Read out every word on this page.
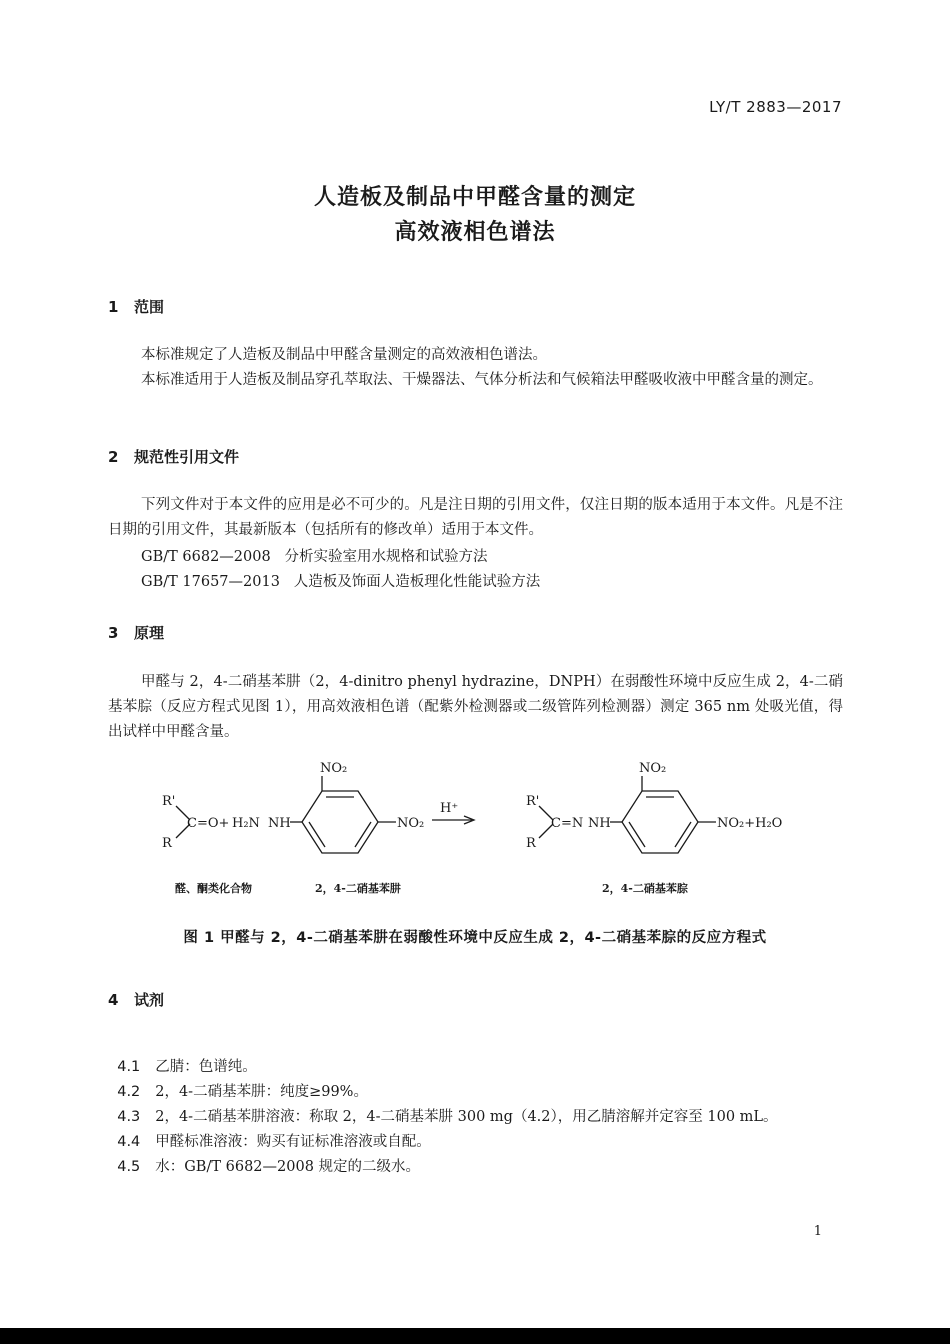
LY/T 2883—2017
人造板及制品中甲醛含量的测定
高效液相色谱法
1 范围
本标准规定了人造板及制品中甲醛含量测定的高效液相色谱法。
本标准适用于人造板及制品穿孔萃取法、干燥器法、气体分析法和气候箱法甲醛吸收液中甲醛含量的测定。
2 规范性引用文件
下列文件对于本文件的应用是必不可少的。凡是注日期的引用文件，仅注日期的版本适用于本文件。凡是不注日期的引用文件，其最新版本（包括所有的修改单）适用于本文件。
GB/T 6682—2008   分析实验室用水规格和试验方法
GB/T 17657—2013   人造板及饰面人造板理化性能试验方法
3 原理
甲醛与 2，4-二硝基苯肼（2，4-dinitro phenyl hydrazine，DNPH）在弱酸性环境中反应生成 2，4-二硝基苯腙（反应方程式见图 1），用高效液相色谱（配紫外检测器或二级管阵列检测器）测定 365 nm 处吸光值，得出试样中甲醛含量。
R'
R
C=O+ H₂N NH
NO₂
NO₂
H⁺	R'
R
C=N NH
NO₂
NO₂+H₂O
醛、酮类化合物	2，4-二硝基苯肼	2，4-二硝基苯腙
图 1 甲醛与 2，4-二硝基苯肼在弱酸性环境中反应生成 2，4-二硝基苯腙的反应方程式
4 试剂

4.1 乙腈：色谱纯。

4.2 2，4-二硝基苯肼：纯度≥99%。

4.3 2，4-二硝基苯肼溶液：称取 2，4-二硝基苯肼 300 mg（4.2），用乙腈溶解并定容至 100 mL。

4.4 甲醛标准溶液：购买有证标准溶液或自配。

4.5 水：GB/T 6682—2008 规定的二级水。

1
